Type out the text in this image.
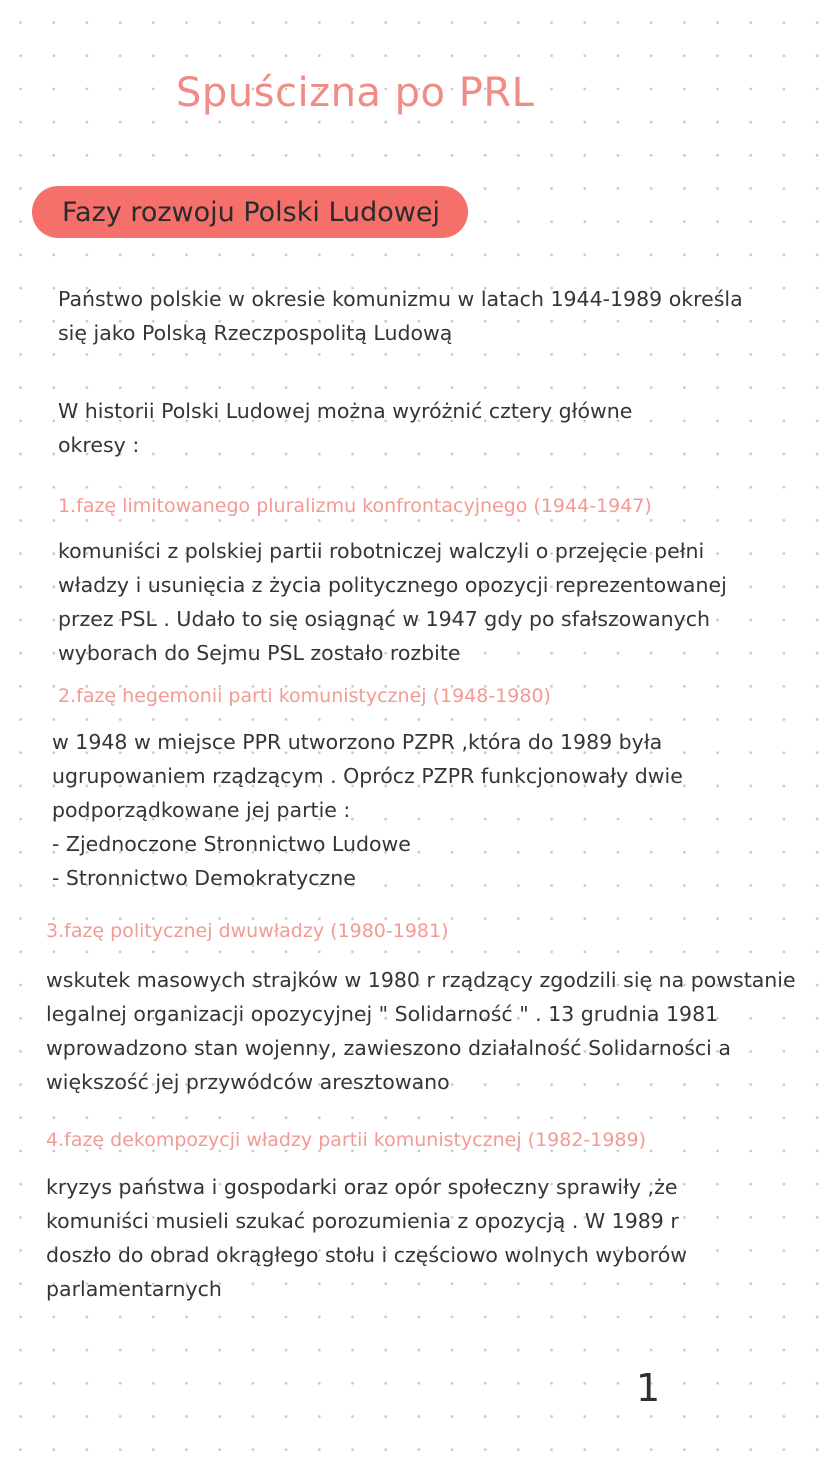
Spuścizna po PRL
Fazy rozwoju Polski Ludowej
Państwo polskie w okresie komunizmu w latach 1944-1989 określa
się jako Polską Rzeczpospolitą Ludową
W historii Polski Ludowej można wyróżnić cztery główne
okresy :
1.fazę limitowanego pluralizmu konfrontacyjnego (1944-1947)
komuniści z polskiej partii robotniczej walczyli o przejęcie pełni
władzy i usunięcia z życia politycznego opozycji reprezentowanej
przez PSL . Udało to się osiągnąć w 1947 gdy po sfałszowanych
wyborach do Sejmu PSL zostało rozbite
2.fazę hegemonii parti komunistycznej (1948-1980)
w 1948 w miejsce PPR utworzono PZPR ,która do 1989 była
ugrupowaniem rządzącym . Oprócz PZPR funkcjonowały dwie
podporządkowane jej partie :
- Zjednoczone Stronnictwo Ludowe
- Stronnictwo Demokratyczne
3.fazę politycznej dwuwładzy (1980-1981)
wskutek masowych strajków w 1980 r rządzący zgodzili się na powstanie
legalnej organizacji opozycyjnej " Solidarność " . 13 grudnia 1981
wprowadzono stan wojenny, zawieszono działalność Solidarności a
większość jej przywódców aresztowano
4.fazę dekompozycji władzy partii komunistycznej (1982-1989)
kryzys państwa i gospodarki oraz opór społeczny sprawiły ,że
komuniści musieli szukać porozumienia z opozycją . W 1989 r
doszło do obrad okrągłego stołu i częściowo wolnych wyborów
parlamentarnych
1
